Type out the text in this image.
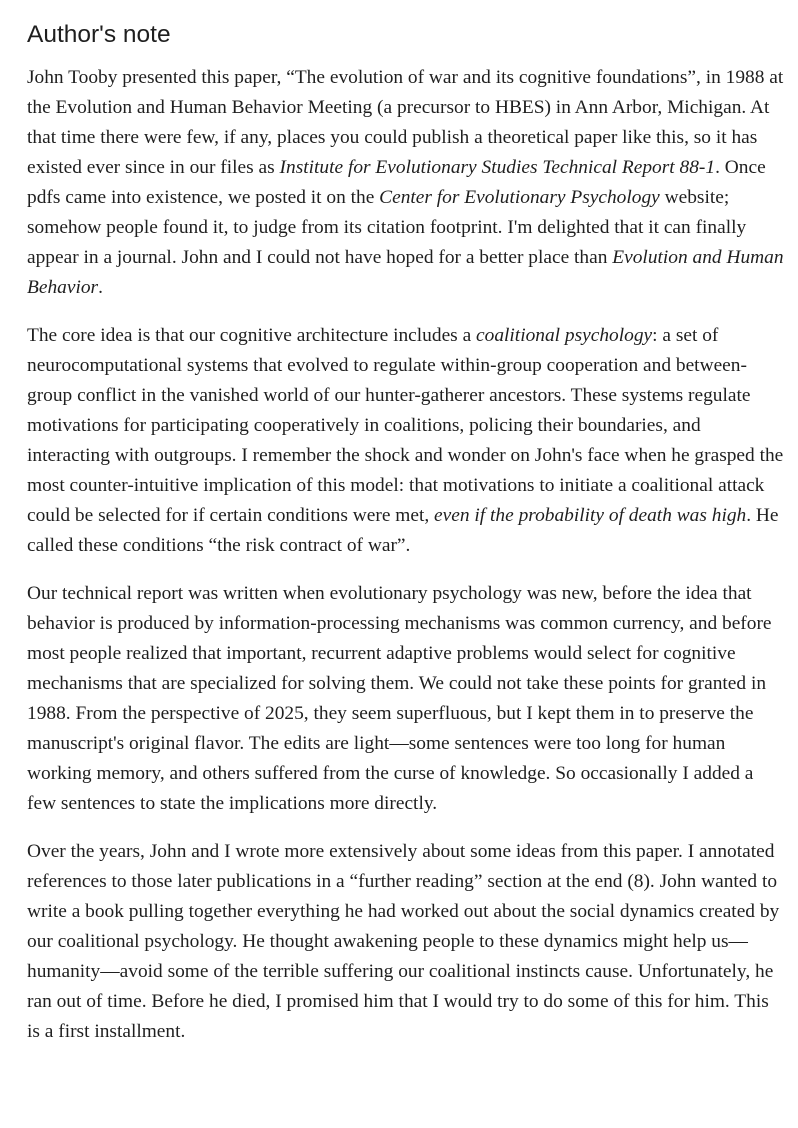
Author's note

John Tooby presented this paper, “The evolution of war and its cognitive foundations”, in 1988 at the Evolution and Human Behavior Meeting (a precursor to HBES) in Ann Arbor, Michigan. At that time there were few, if any, places you could publish a theoretical paper like this, so it has existed ever since in our files as Institute for Evolutionary Studies Technical Report 88-1. Once pdfs came into existence, we posted it on the Center for Evolutionary Psychology website; somehow people found it, to judge from its citation footprint. I'm delighted that it can finally appear in a journal. John and I could not have hoped for a better place than Evolution and Human Behavior.

The core idea is that our cognitive architecture includes a coalitional psychology: a set of neurocomputational systems that evolved to regulate within-group cooperation and between-group conflict in the vanished world of our hunter-gatherer ancestors. These systems regulate motivations for participating cooperatively in coalitions, policing their boundaries, and interacting with outgroups. I remember the shock and wonder on John's face when he grasped the most counter-intuitive implication of this model: that motivations to initiate a coalitional attack could be selected for if certain conditions were met, even if the probability of death was high. He called these conditions “the risk contract of war”.

Our technical report was written when evolutionary psychology was new, before the idea that behavior is produced by information-processing mechanisms was common currency, and before most people realized that important, recurrent adaptive problems would select for cognitive mechanisms that are specialized for solving them. We could not take these points for granted in 1988. From the perspective of 2025, they seem superfluous, but I kept them in to preserve the manuscript's original flavor. The edits are light—some sentences were too long for human working memory, and others suffered from the curse of knowledge. So occasionally I added a few sentences to state the implications more directly.

Over the years, John and I wrote more extensively about some ideas from this paper. I annotated references to those later publications in a “further reading” section at the end (8). John wanted to write a book pulling together everything he had worked out about the social dynamics created by our coalitional psychology. He thought awakening people to these dynamics might help us—humanity—avoid some of the terrible suffering our coalitional instincts cause. Unfortunately, he ran out of time. Before he died, I promised him that I would try to do some of this for him. This is a first installment.
